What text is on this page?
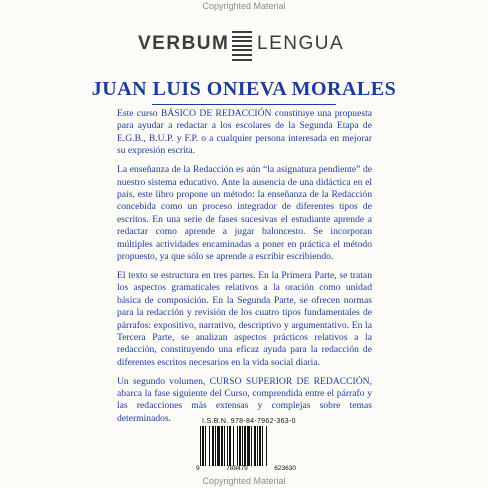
Copyrighted Material
VERBUM LENGUA
JUAN LUIS ONIEVA MORALES

Este curso BÁSICO DE REDACCIÓN constituye una propuesta para ayudar a redactar a los escolares de la Segunda Etapa de E.G.B., B.U.P. y F.P. o a cualquier persona interesada en mejorar su expresión escrita.

La enseñanza de la Redacción es aún “la asignatura pendiente” de nuestro sistema educativo. Ante la ausencia de una didáctica en el país, este libro propone un método: la enseñanza de la Redacción concebida como un proceso integrador de diferentes tipos de escritos. En una serie de fases sucesivas el estudiante aprende a redactar como aprende a jugar baloncesto. Se incorporan múltiples actividades encaminadas a poner en práctica el método propuesto, ya que sólo se aprende a escribir escribiendo.

El texto se estructura en tres partes. En la Primera Parte, se tratan los aspectos gramaticales relativos a la oración como unidad básica de composición. En la Segunda Parte, se ofrecen normas para la redacción y revisión de los cuatro tipos fundamentales de párrafos: expositivo, narrativo, descriptivo y argumentativo. En la Tercera Parte, se analizan aspectos prácticos relativos a la redacción, constituyendo una eficaz ayuda para la redacción de diferentes escritos necesarios en la vida social diaria.

Un segundo volumen, CURSO SUPERIOR DE REDACCIÓN, abarca la fase siguiente del Curso, comprendida entre el párrafo y las redacciones más extensas y complejas sobre temas determinados.	I.S.B.N. 978-84-7962-363-0
9	788479	623630
Copyrighted Material
